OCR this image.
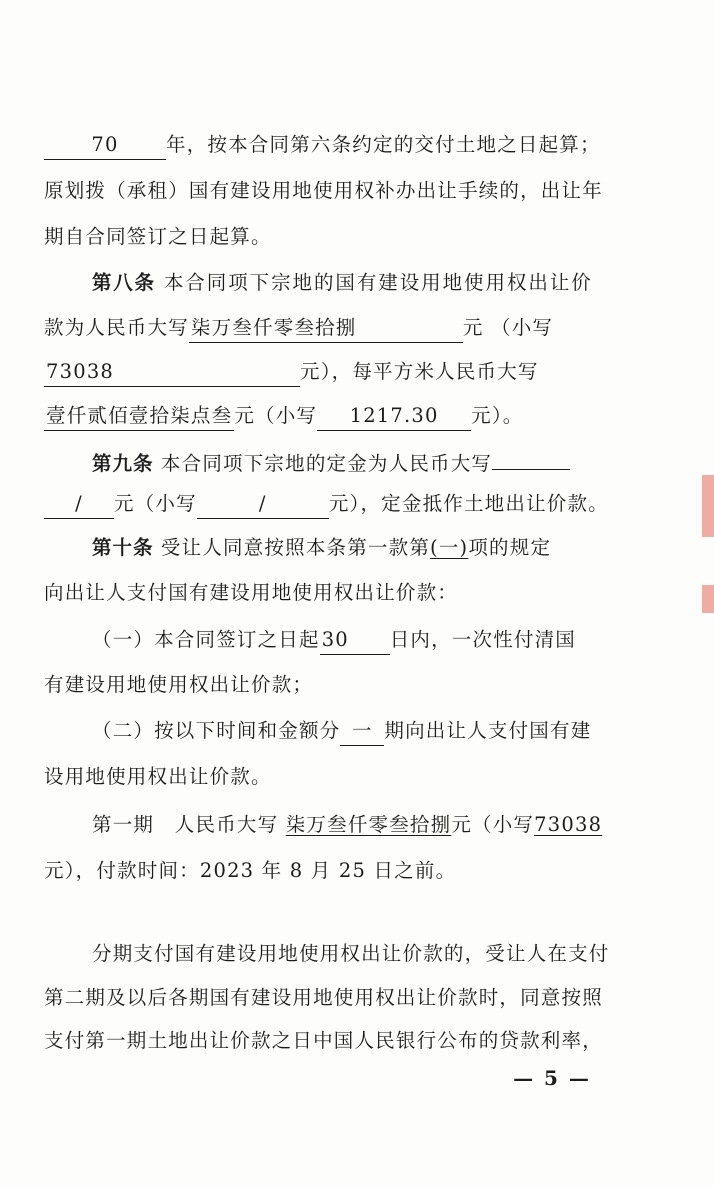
70 年，按本合同第六条约定的交付土地之日起算；
原划拨（承租）国有建设用地使用权补办出让手续的，出让年
期自合同签订之日起算。
第八条 本合同项下宗地的国有建设用地使用权出让价
款为人民币大写 柒万叁仟零叁拾捌	元 （小写
73038	元），每平方米人民币大写
壹仟贰佰壹拾柒点叁 元（小写 1217.30 元）。
第九条 本合同项下宗地的定金为人民币大写
/ 元（小写	/	元），定金抵作土地出让价款。
第十条 受让人同意按照本条第一款第(一)项的规定
向出让人支付国有建设用地使用权出让价款：
（一）本合同签订之日起 30 日内，一次性付清国
有建设用地使用权出让价款；
（二）按以下时间和金额分 一 期向出让人支付国有建
设用地使用权出让价款。
第一期　人民币大写 柒万叁仟零叁拾捌元（小写73038
元），付款时间：2023 年 8 月 25 日之前。
分期支付国有建设用地使用权出让价款的，受让人在支付
第二期及以后各期国有建设用地使用权出让价款时，同意按照
支付第一期土地出让价款之日中国人民银行公布的贷款利率，
— 5 —
